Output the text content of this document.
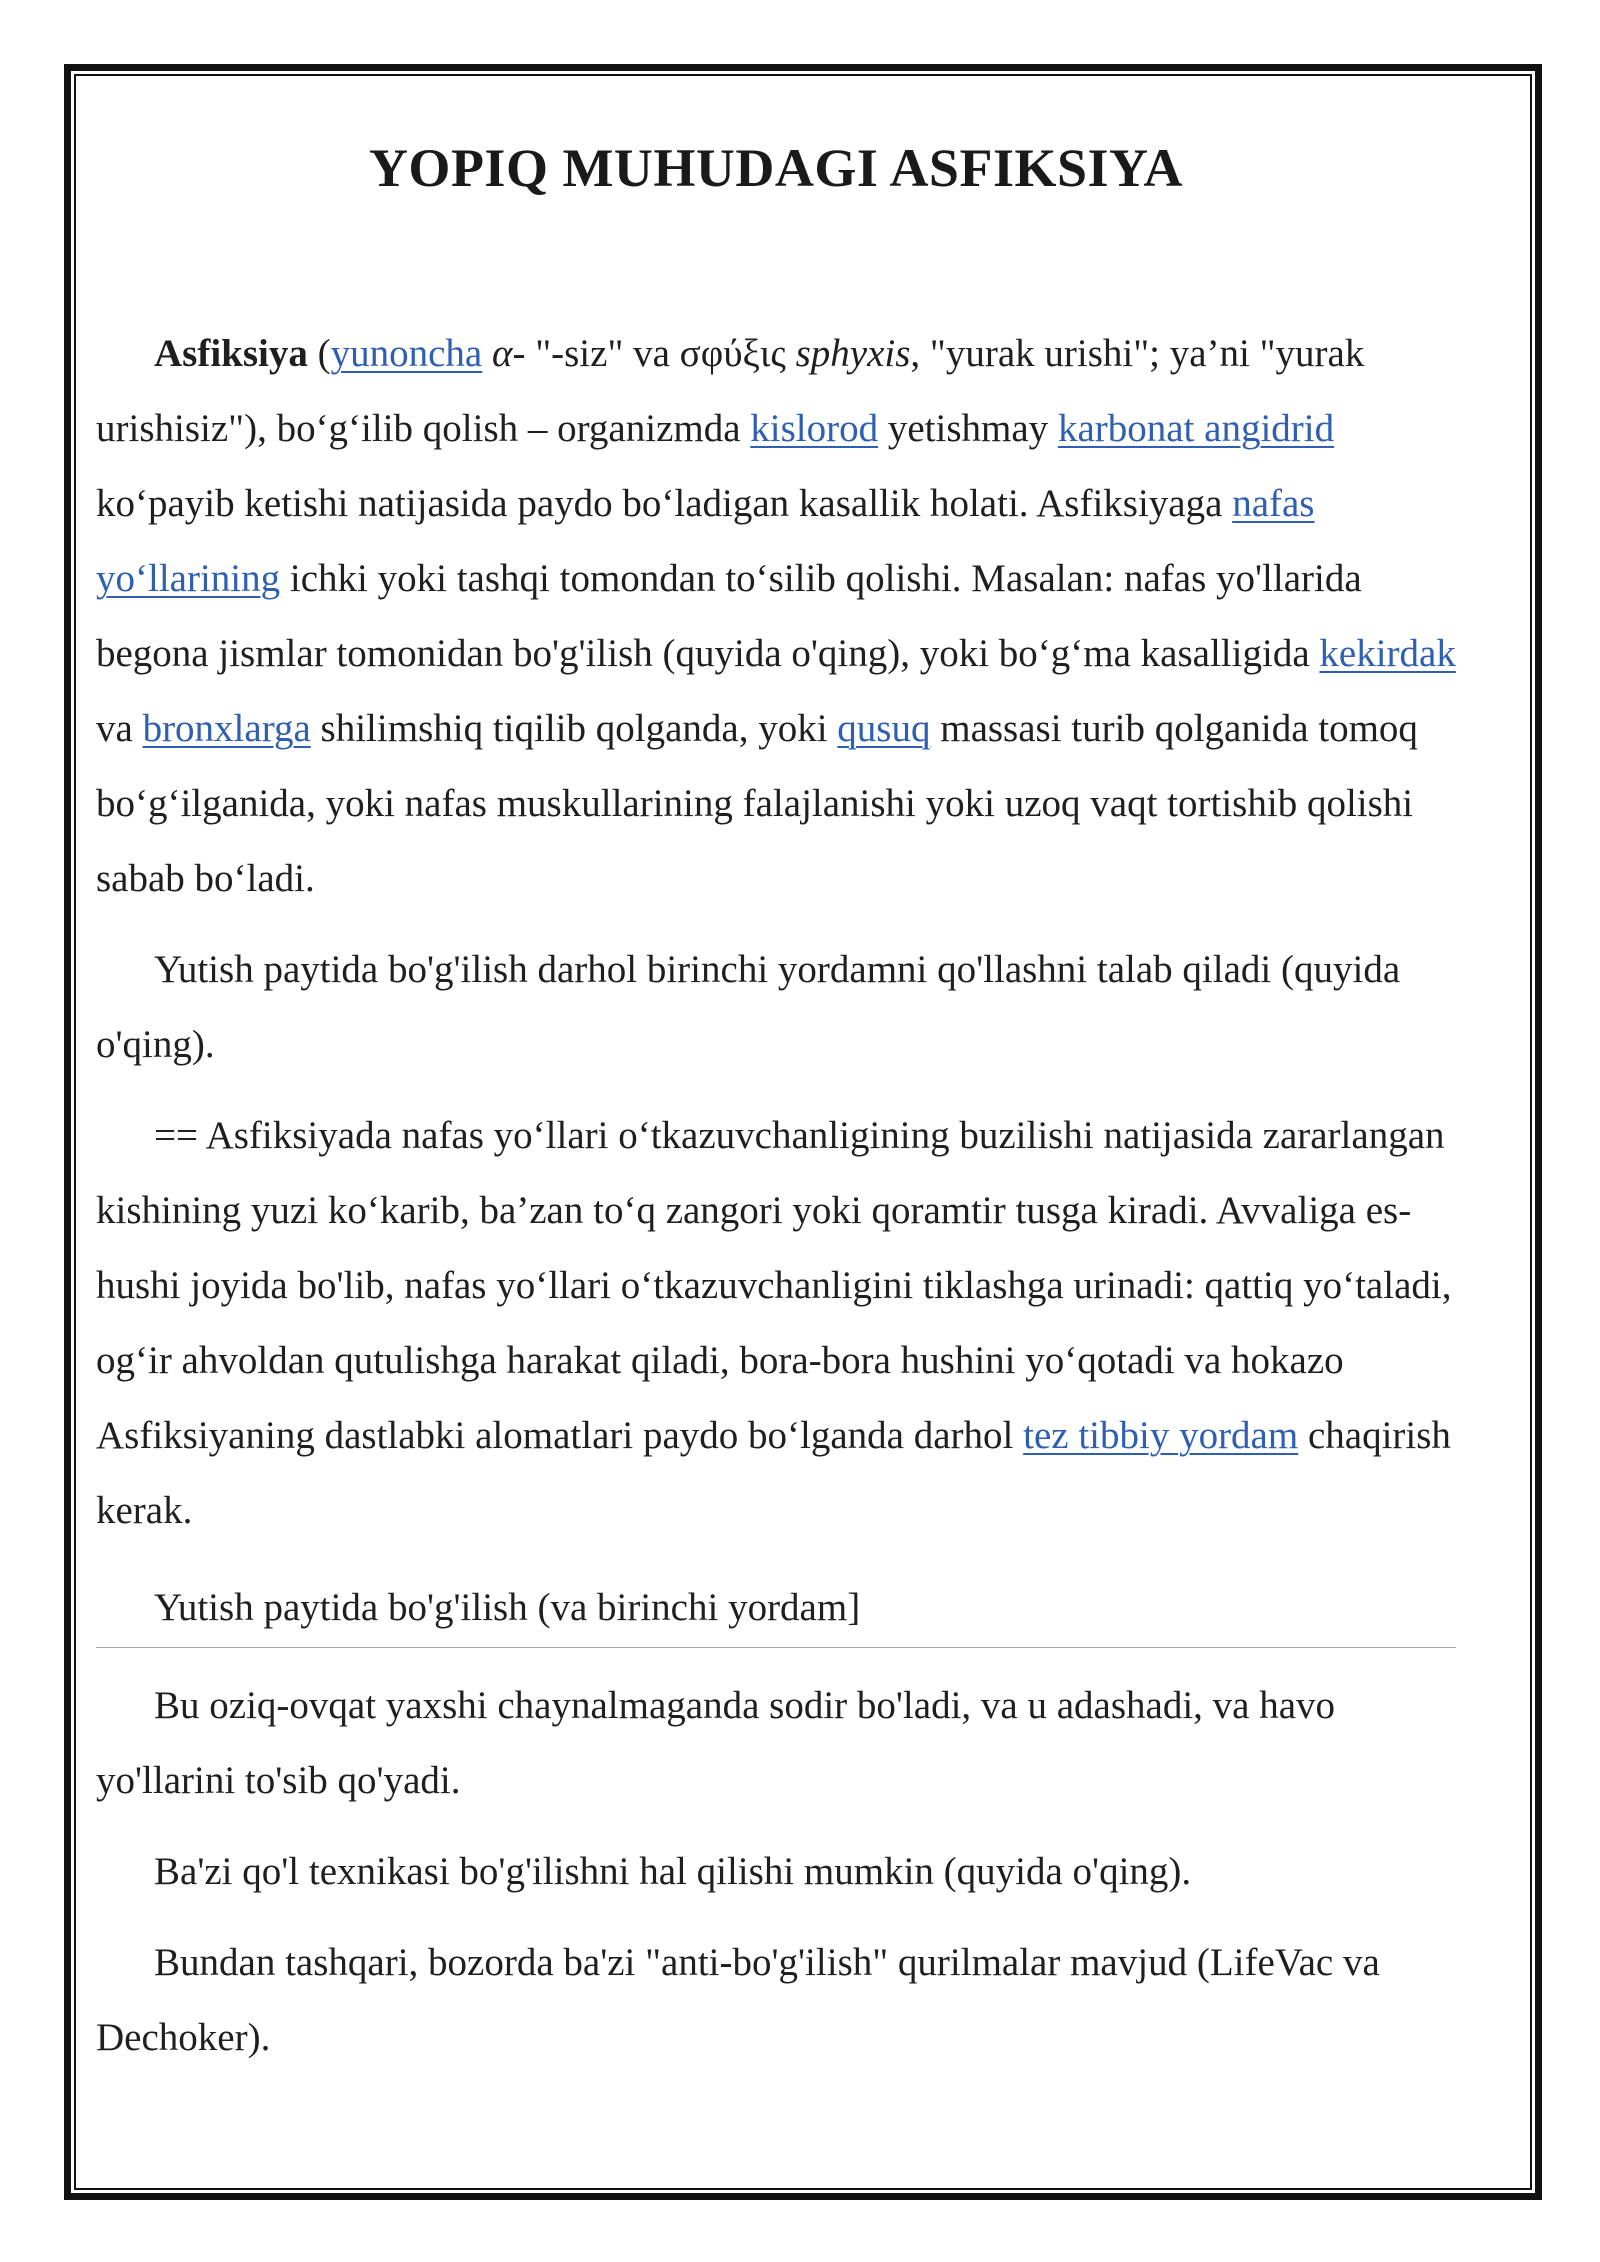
YOPIQ MUHUDAGI ASFIKSIYA

Asfiksiya (yunoncha α- "-siz" va σφύξις sphyxis, "yurak urishi"; ya’ni "yurak urishisiz"), bo‘g‘ilib qolish – organizmda kislorod yetishmay karbonat angidrid ko‘payib ketishi natijasida paydo bo‘ladigan kasallik holati. Asfiksiyaga nafas yo‘llarining ichki yoki tashqi tomondan to‘silib qolishi. Masalan: nafas yo'llarida begona jismlar tomonidan bo'g'ilish (quyida o'qing), yoki bo‘g‘ma kasalligida kekirdak va bronxlarga shilimshiq tiqilib qolganda, yoki qusuq massasi turib qolganida tomoq bo‘g‘ilganida, yoki nafas muskullarining falajlanishi yoki uzoq vaqt tortishib qolishi sabab bo‘ladi.

Yutish paytida bo'g'ilish darhol birinchi yordamni qo'llashni talab qiladi (quyida o'qing).

== Asfiksiyada nafas yo‘llari o‘tkazuvchanligining buzilishi natijasida zararlangan kishining yuzi ko‘karib, ba’zan to‘q zangori yoki qoramtir tusga kiradi. Avvaliga es-hushi joyida bo'lib, nafas yo‘llari o‘tkazuvchanligini tiklashga urinadi: qattiq yo‘taladi, og‘ir ahvoldan qutulishga harakat qiladi, bora-bora hushini yo‘qotadi va hokazo Asfiksiyaning dastlabki alomatlari paydo bo‘lganda darhol tez tibbiy yordam chaqirish kerak.

Yutish paytida bo'g'ilish (va birinchi yordam]

Bu oziq-ovqat yaxshi chaynalmaganda sodir bo'ladi, va u adashadi, va havo yo'llarini to'sib qo'yadi.

Ba'zi qo'l texnikasi bo'g'ilishni hal qilishi mumkin (quyida o'qing).

Bundan tashqari, bozorda ba'zi "anti-bo'g'ilish" qurilmalar mavjud (LifeVac va Dechoker).
